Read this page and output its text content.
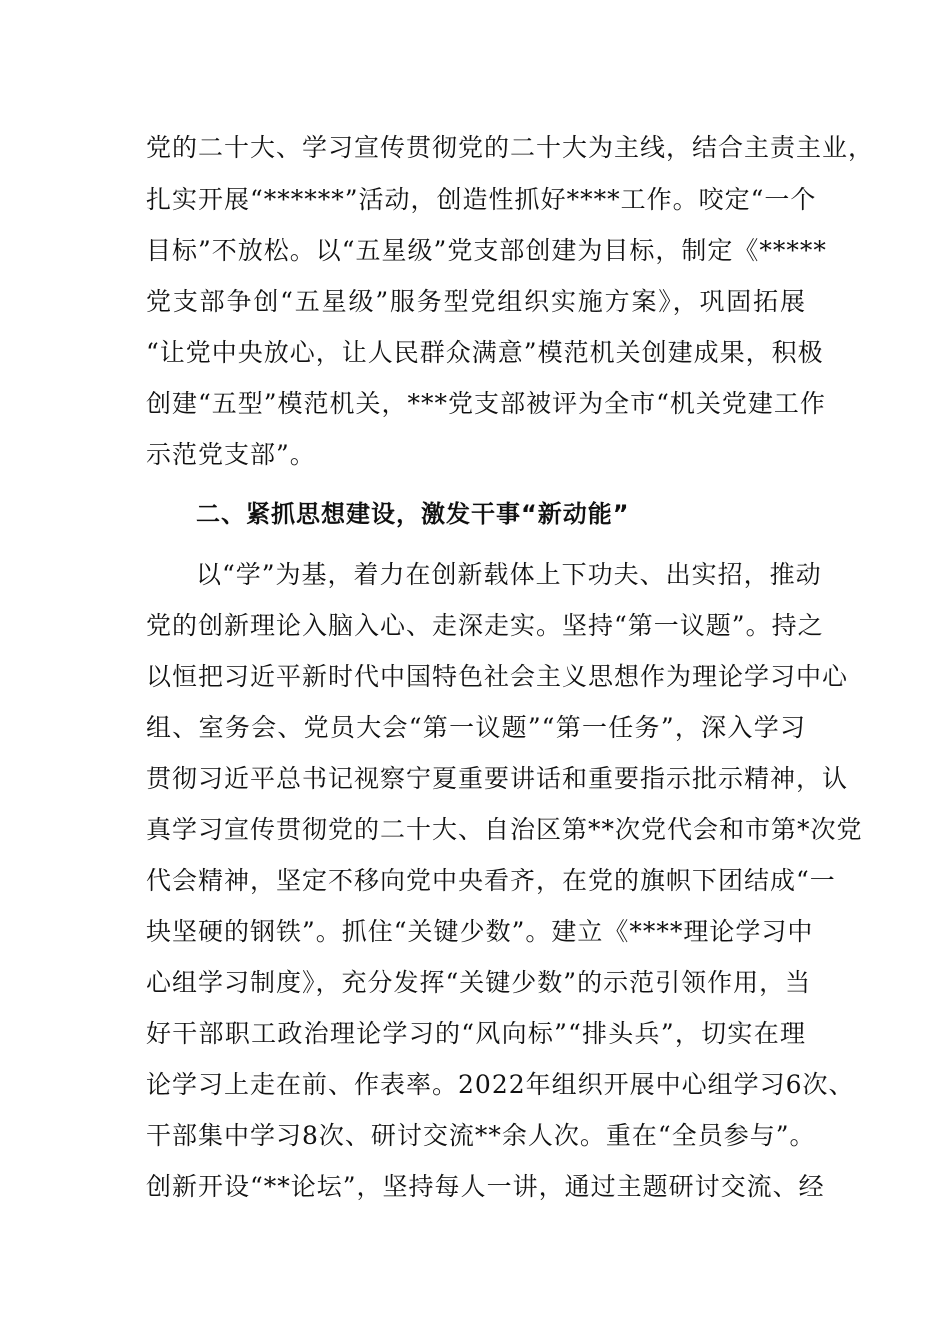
党的二十大、学习宣传贯彻党的二十大为主线，结合主责主业，
扎实开展“******”活动，创造性抓好****工作。咬定“一个
目标”不放松。以“五星级”党支部创建为目标，制定《*****
党支部争创“五星级”服务型党组织实施方案》，巩固拓展
“让党中央放心，让人民群众满意”模范机关创建成果，积极
创建“五型”模范机关，***党支部被评为全市“机关党建工作
示范党支部”。
二、紧抓思想建设，激发干事“新动能”
以“学”为基，着力在创新载体上下功夫、出实招，推动
党的创新理论入脑入心、走深走实。坚持“第一议题”。持之
以恒把习近平新时代中国特色社会主义思想作为理论学习中心
组、室务会、党员大会“第一议题”“第一任务”，深入学习
贯彻习近平总书记视察宁夏重要讲话和重要指示批示精神，认
真学习宣传贯彻党的二十大、自治区第**次党代会和市第*次党
代会精神，坚定不移向党中央看齐，在党的旗帜下团结成“一
块坚硬的钢铁”。抓住“关键少数”。建立《****理论学习中
心组学习制度》，充分发挥“关键少数”的示范引领作用，当
好干部职工政治理论学习的“风向标”“排头兵”，切实在理
论学习上走在前、作表率。2022年组织开展中心组学习6次、
干部集中学习8次、研讨交流**余人次。重在“全员参与”。
创新开设“**论坛”，坚持每人一讲，通过主题研讨交流、经
